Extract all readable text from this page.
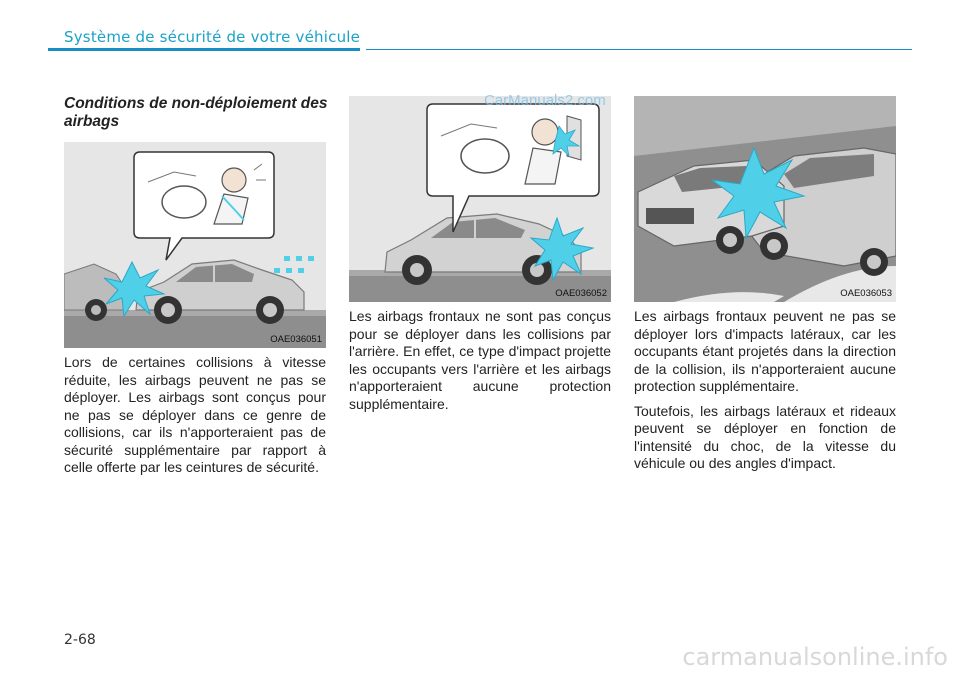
Système de sécurité de votre véhicule
Conditions de non-déploiement des airbags
OAE036051
OAE036052	OAE036053
CarManuals2.com

Lors de certaines collisions à vitesse réduite, les airbags peuvent ne pas se déployer. Les airbags sont conçus pour ne pas se déployer dans ce genre de collisions, car ils n'apporteraient pas de sécurité supplémentaire par rapport à celle offerte par les ceintures de sécurité.

Les airbags frontaux ne sont pas conçus pour se déployer dans les collisions par l'arrière. En effet, ce type d'impact projette les occupants vers l'arrière et les airbags n'apporteraient aucune protection supplémentaire.

Les airbags frontaux peuvent ne pas se déployer lors d'impacts latéraux, car les occupants étant projetés dans la direction de la collision, ils n'apporteraient aucune protection supplémentaire.

Toutefois, les airbags latéraux et rideaux peuvent se déployer en fonction de l'intensité du choc, de la vitesse du véhicule ou des angles d'impact.

2-68
carmanualsonline.info
